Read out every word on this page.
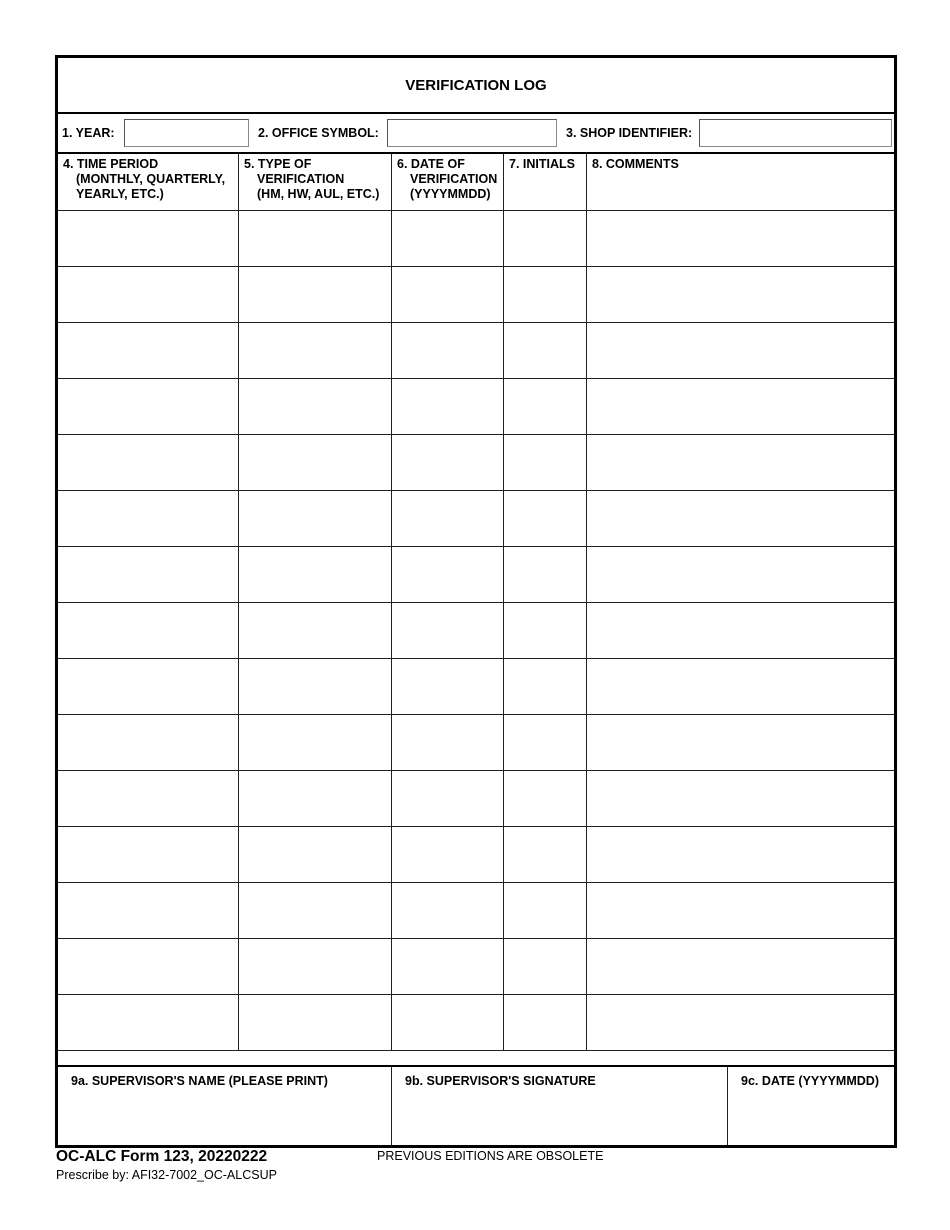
VERIFICATION LOG
1. YEAR:	2. OFFICE SYMBOL:	3. SHOP IDENTIFIER:
4. TIME PERIOD
(MONTHLY, QUARTERLY,
YEARLY, ETC.)
5. TYPE OF
VERIFICATION
(HM, HW, AUL, ETC.)
6. DATE OF
VERIFICATION
(YYYYMMDD)
7. INITIALS	8. COMMENTS
9a. SUPERVISOR'S NAME (PLEASE PRINT)	9b. SUPERVISOR'S SIGNATURE	9c. DATE (YYYYMMDD)
OC-ALC Form 123, 20220222
Prescribe by: AFI32-7002_OC-ALCSUP
PREVIOUS EDITIONS ARE OBSOLETE
